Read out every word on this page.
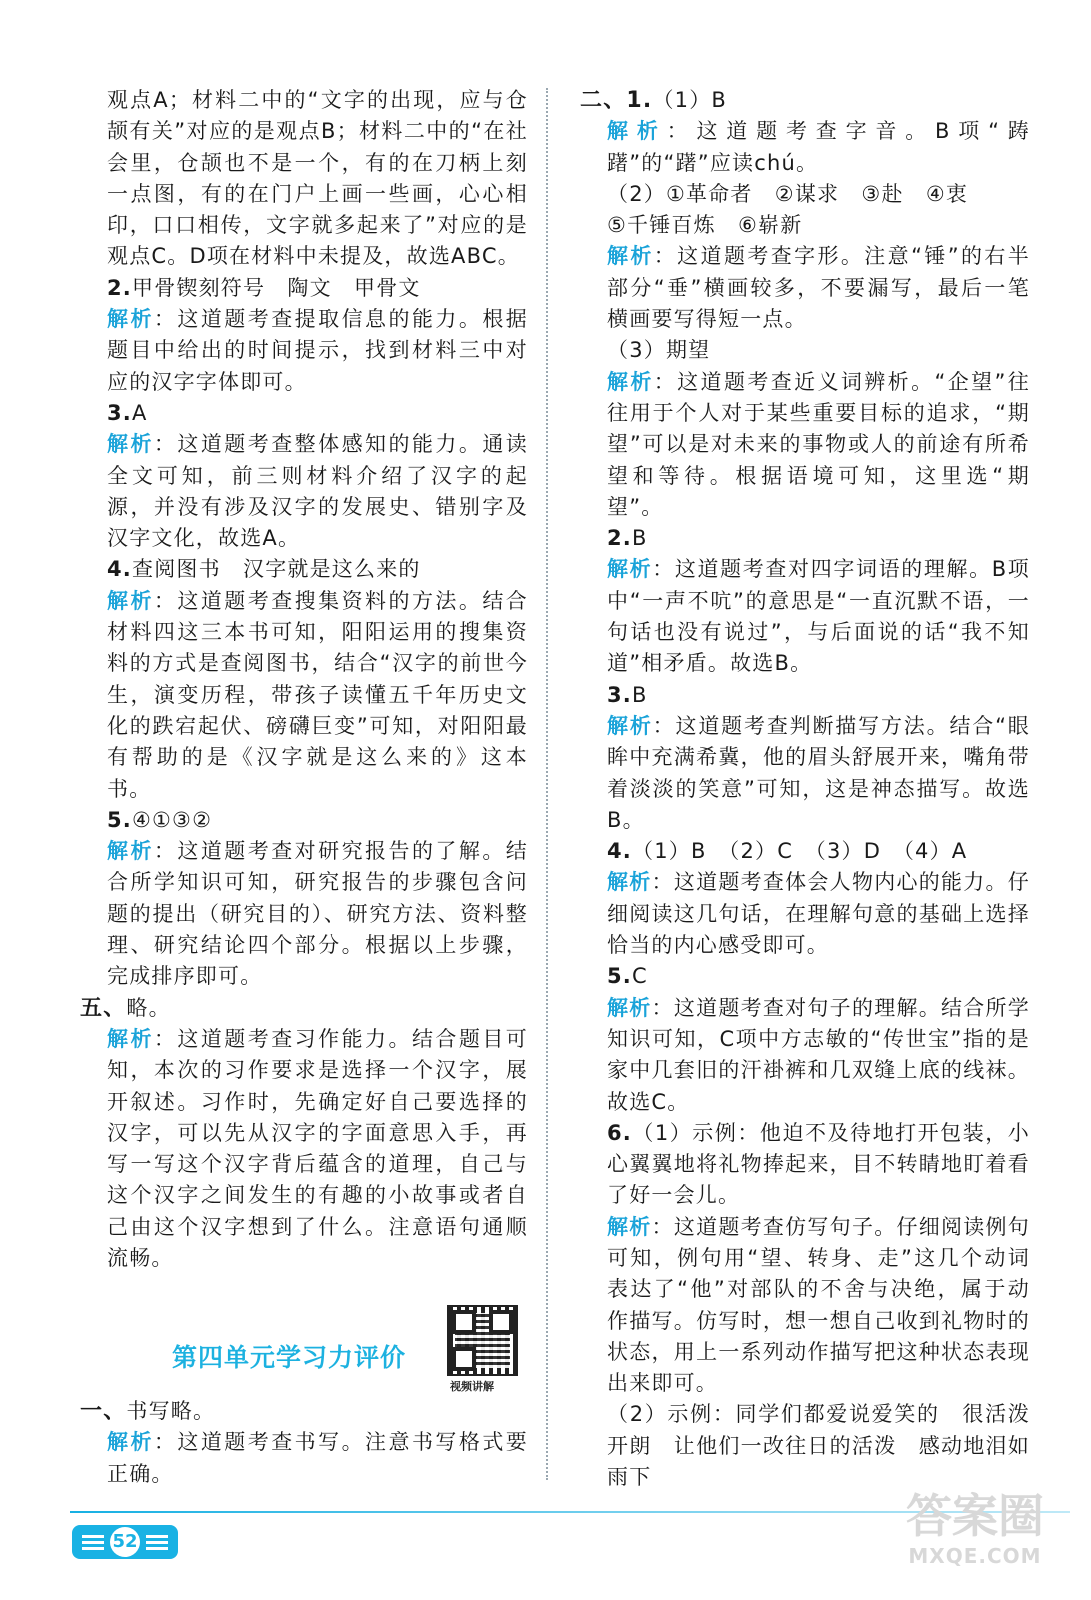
观点A；材料二中的“文字的出现，应与仓颉有关”对应的是观点B；材料二中的“在社会里，仓颉也不是一个，有的在刀柄上刻一点图，有的在门户上画一些画，心心相印，口口相传，文字就多起来了”对应的是观点C。D项在材料中未提及，故选ABC。

2.甲骨锲刻符号　陶文　甲骨文

解析：这道题考查提取信息的能力。根据题目中给出的时间提示，找到材料三中对应的汉字字体即可。

3.A

解析：这道题考查整体感知的能力。通读全文可知，前三则材料介绍了汉字的起源，并没有涉及汉字的发展史、错别字及汉字文化，故选A。

4.查阅图书　汉字就是这么来的

解析：这道题考查搜集资料的方法。结合材料四这三本书可知，阳阳运用的搜集资料的方式是查阅图书，结合“汉字的前世今生，演变历程，带孩子读懂五千年历史文化的跌宕起伏、磅礴巨变”可知，对阳阳最有帮助的是《汉字就是这么来的》这本书。

5.④①③②

解析：这道题考查对研究报告的了解。结合所学知识可知，研究报告的步骤包含问题的提出（研究目的）、研究方法、资料整理、研究结论四个部分。根据以上步骤，完成排序即可。

五、略。

解析：这道题考查习作能力。结合题目可知，本次的习作要求是选择一个汉字，展开叙述。习作时，先确定好自己要选择的汉字，可以先从汉字的字面意思入手，再写一写这个汉字背后蕴含的道理，自己与这个汉字之间发生的有趣的小故事或者自己由这个汉字想到了什么。注意语句通顺流畅。

第四单元学习力评价
视频讲解

一、书写略。

解析：这道题考查书写。注意书写格式要正确。

二、1.（1）B

解析：这道题考查字音。B项“踌躇”的“躇”应读chú。

（2）①革命者　②谋求　③赴　④衷

⑤千锤百炼　⑥崭新

解析：这道题考查字形。注意“锤”的右半部分“垂”横画较多，不要漏写，最后一笔横画要写得短一点。

（3）期望

解析：这道题考查近义词辨析。“企望”往往用于个人对于某些重要目标的追求，“期望”可以是对未来的事物或人的前途有所希望和等待。根据语境可知，这里选“期望”。

2.B

解析：这道题考查对四字词语的理解。B项中“一声不吭”的意思是“一直沉默不语，一句话也没有说过”，与后面说的话“我不知道”相矛盾。故选B。

3.B

解析：这道题考查判断描写方法。结合“眼眸中充满希冀，他的眉头舒展开来，嘴角带着淡淡的笑意”可知，这是神态描写。故选B。

4.（1）B　（2）C　（3）D　（4）A

解析：这道题考查体会人物内心的能力。仔细阅读这几句话，在理解句意的基础上选择恰当的内心感受即可。

5.C

解析：这道题考查对句子的理解。结合所学知识可知，C项中方志敏的“传世宝”指的是家中几套旧的汗褂裤和几双缝上底的线袜。故选C。

6.（1）示例：他迫不及待地打开包装，小心翼翼地将礼物捧起来，目不转睛地盯着看了好一会儿。

解析：这道题考查仿写句子。仔细阅读例句可知，例句用“望、转身、走”这几个动词表达了“他”对部队的不舍与决绝，属于动作描写。仿写时，想一想自己收到礼物时的状态，用上一系列动作描写把这种状态表现出来即可。

（2）示例：同学们都爱说爱笑的　很活泼开朗　让他们一改往日的活泼　感动地泪如雨下

52	答案圈
MXQE.COM
